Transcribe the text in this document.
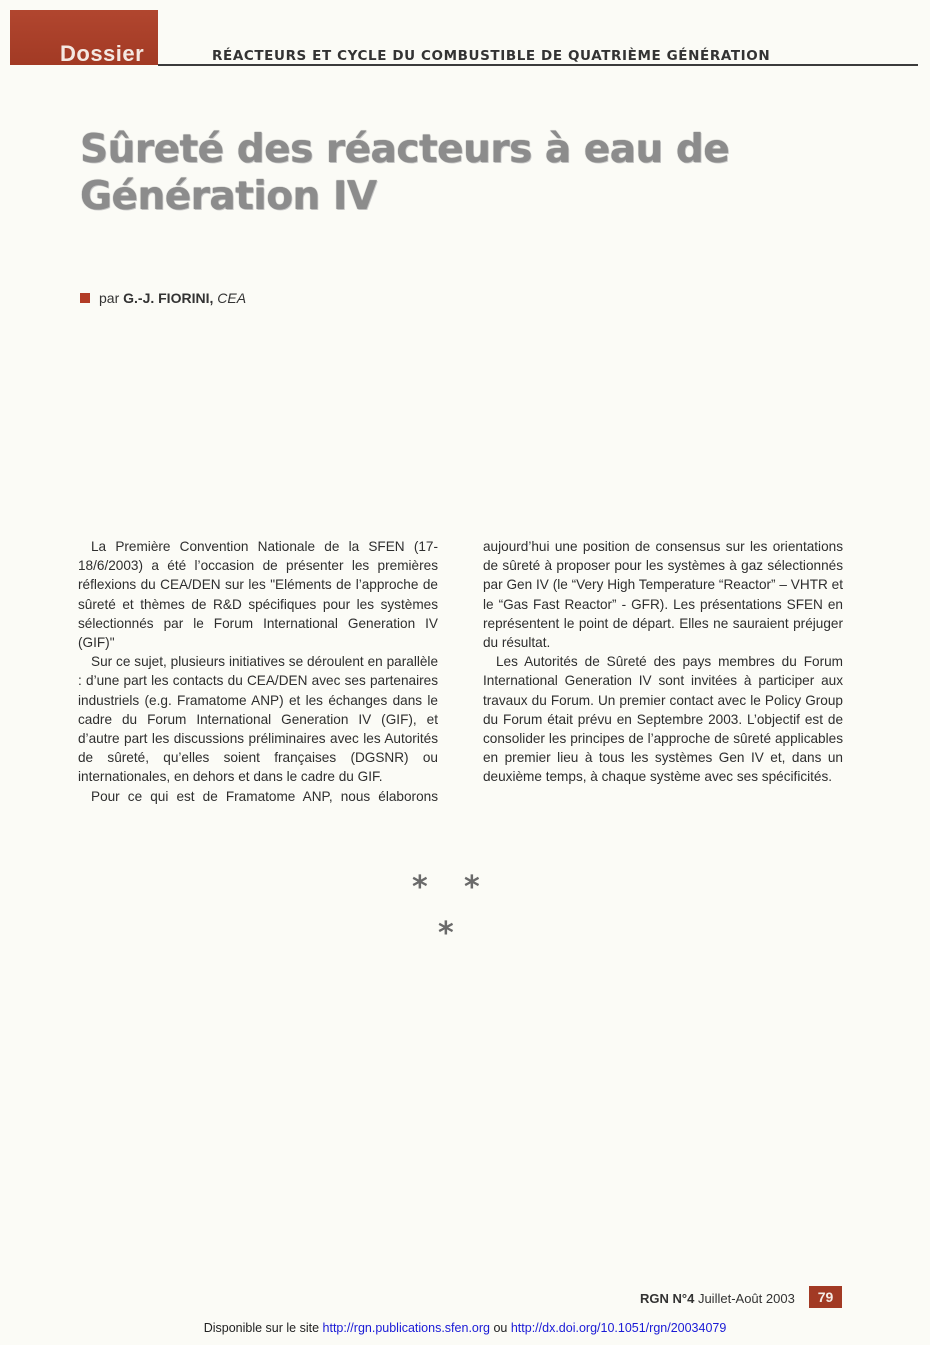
Dossier	RÉACTEURS ET CYCLE DU COMBUSTIBLE DE QUATRIÈME GÉNÉRATION
Sûreté des réacteurs à eau de Génération IV
par G.-J. FIORINI, CEA

La Première Convention Nationale de la SFEN (17-18/6/2003) a été l’occasion de présenter les premières réflexions du CEA/DEN sur les "Eléments de l’approche de sûreté et thèmes de R&D spécifiques pour les systèmes sélectionnés par le Forum International Generation IV (GIF)"

Sur ce sujet, plusieurs initiatives se déroulent en parallèle : d’une part les contacts du CEA/DEN avec ses partenaires industriels (e.g. Framatome ANP) et les échanges dans le cadre du Forum International Generation IV (GIF), et d’autre part les discussions préliminaires avec les Autorités de sûreté, qu’elles soient françaises (DGSNR) ou internationales, en dehors et dans le cadre du GIF.

Pour ce qui est de Framatome ANP, nous élaborons

aujourd’hui une position de consensus sur les orientations de sûreté à proposer pour les systèmes à gaz sélectionnés par Gen IV (le “Very High Temperature “Reactor” – VHTR et le “Gas Fast Reactor” - GFR). Les présentations SFEN en représentent le point de départ. Elles ne sauraient préjuger du résultat.

Les Autorités de Sûreté des pays membres du Forum International Generation IV sont invitées à participer aux travaux du Forum. Un premier contact avec le Policy Group du Forum était prévu en Septembre 2003. L’objectif est de consolider les principes de l’approche de sûreté applicables en premier lieu à tous les systèmes Gen IV et, dans un deuxième temps, à chaque système avec ses spécificités.

* *
*
RGN N°4 Juillet-Août 2003	79
Disponible sur le site http://rgn.publications.sfen.org ou http://dx.doi.org/10.1051/rgn/20034079
